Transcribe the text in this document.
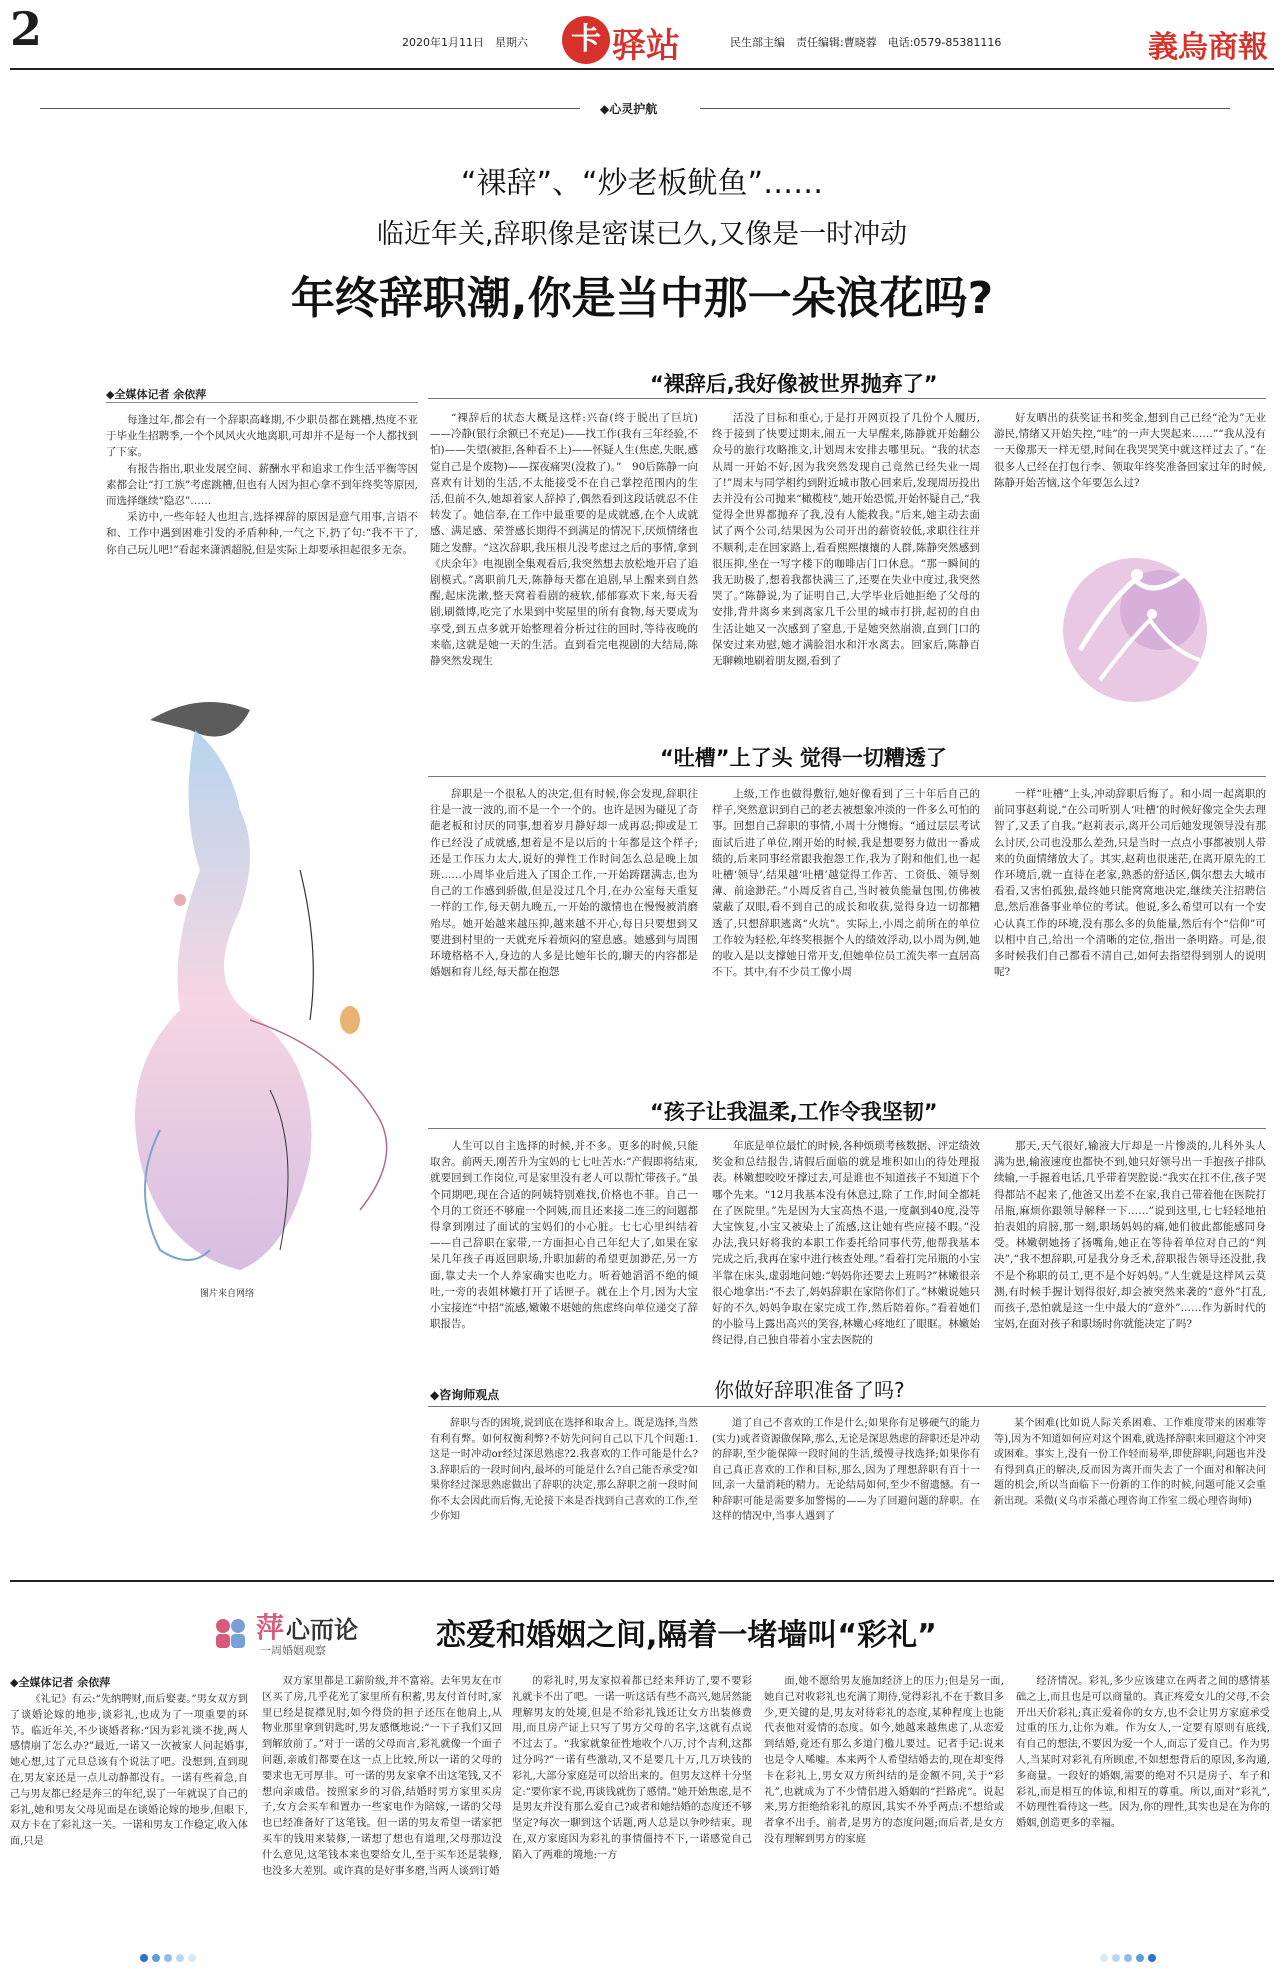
2	2020年1月11日　星期六	卡 驿站	民生部主编　责任编辑:曹晓蓉　电话:0579-85381116	義烏商報
◆心灵护航
“裸辞”、“炒老板鱿鱼”……
临近年关,辞职像是密谋已久,又像是一时冲动
年终辞职潮,你是当中那一朵浪花吗?
◆全媒体记者 余依萍

每逢过年,都会有一个辞职高峰期,不少职员都在跳槽,热度不亚于毕业生招聘季,一个个风风火火地离职,可却并不是每一个人都找到了下家。

有报告指出,职业发展空间、薪酬水平和追求工作生活平衡等因素都会让“打工族”考虑跳槽,但也有人因为担心拿不到年终奖等原因,而选择继续“隐忍”……

采访中,一些年轻人也坦言,选择裸辞的原因是意气用事,言语不和、工作中遇到困难引发的矛盾种种,一气之下,扔了句:“我不干了,你自己玩儿吧!”看起来潇洒超脱,但是实际上却要承担起很多无奈。

图片来自网络
“裸辞后,我好像被世界抛弃了”

“裸辞后的状态大概是这样:兴奋(终于脱出了巨坑)——冷静(银行余额已不充足)——找工作(我有三年经验,不怕)——失望(被拒,各种看不上)——怀疑人生(焦虑,失眠,感觉自己是个废物)——探夜痛哭(没救了)。”　90后陈静一向喜欢有计划的生活,不太能接受不在自己掌控范围内的生活,但前不久,她却着家人辞掉了,偶然看到这段话就忍不住转发了。她信奉,在工作中最重要的是成就感,在个人成就感、满足感、荣誉感长期得不到满足的情况下,厌烦情绪也随之发酵。“这次辞职,我压根儿没考虑过之后的事情,拿到《庆余年》电视剧全集观看后,我突然想去放松地开启了追剧模式。”离职前几天,陈静每天都在追剧,早上醒来到自然醒,起床洗漱,整天窝着看剧的疲软,郁郁寡欢下来,每天看剧,刷微博,吃完了水果到中奖屋里的所有食物,每天要成为享受,到五点多就开始整理着分析过往的回时,等待夜晚的来临,这就是她一天的生活。直到看完电视剧的大结局,陈静突然发现生

活没了目标和重心,于是打开网页投了几份个人履历,终于接到了快要过期末,闹五一大早醒来,陈静就开始翻公众号的旅行攻略推文,计划周末安排去哪里玩。“我的状态从周一开始不好,因为我突然发现自己竟然已经失业一周了!”周末与同学相约到附近城市散心回来后,发现周历投出去并没有公司抛来“橄榄枝”,她开始恐慌,开始怀疑自己,“我觉得全世界都抛弃了我,没有人能救我。”后来,她主动去面试了两个公司,结果因为公司开出的薪资较低,求职往往并不顺利,走在回家路上,看看熙熙攘攘的人群,陈静突然感到很压抑,坐在一写字楼下的咖啡店门口休息。“那一瞬间的我无助极了,想着我都快满三了,还要在失业中度过,我突然哭了。”陈静说,为了证明自己,大学毕业后她拒绝了父母的安排,背井离乡来到离家几千公里的城市打拼,起初的自由生活让她又一次感到了窒息,于是她突然崩溃,直到门口的保安过来劝慰,她才满脸泪水和汗水离去。回家后,陈静百无聊赖地刷着朋友圈,看到了

好友晒出的获奖证书和奖金,想到自己已经“沦为”无业游民,情绪又开始失控,“哇”的一声大哭起来……”“我从没有一天像那天一样无望,时间在我哭哭笑中就这样过去了。”在很多人已经在打包行李、领取年终奖准备回家过年的时候,陈静开始苦恼,这个年要怎么过?

“吐槽”上了头 觉得一切糟透了

辞职是一个很私人的决定,但有时候,你会发现,辞职往往是一波一波的,而不是一个一个的。也许是因为碰见了奇葩老板和讨厌的同事,想着岁月静好却一成再忍;抑或是工作已经没了成就感,想着是不是以后的十年都是这个样子;还是工作压力太大,说好的弹性工作时间怎么总是晚上加班……小周毕业后进入了国企工作,一开始踌躇满志,也为自己的工作感到骄傲,但是没过几个月,在办公室每天重复一样的工作,每天朝九晚五,一开始的激情也在慢慢被消磨殆尽。她开始越来越压抑,越来越不开心,每日只要想到又要进到村里的一天就充斥着烦闷的窒息感。她感到与周围环境格格不入,身边的人多是比她年长的,聊天的内容都是婚姻和育儿经,每天都在抱怨

上级,工作也做得敷衍,她好像看到了三十年后自己的样子,突然意识到自己的老去被想象冲淡的一件多么可怕的事。回想自己辞职的事情,小周十分懊悔。“通过层层考试面试后进了单位,刚开始的时候,我是想要努力做出一番成绩的,后来同事经常跟我抱怨工作,我为了附和他们,也一起吐槽‘领导’,结果越‘吐槽’越觉得工作苦、工资低、领导刻薄、前途渺茫。”小周反省自己,当时被负能量包围,仿佛被蒙蔽了双眼,看不到自己的成长和收获,觉得身边一切都糟透了,只想辞职逃离“火坑”。实际上,小周之前所在的单位工作较为轻松,年终奖根据个人的绩效浮动,以小周为例,她的收入是以支撑她日常开支,但她单位员工流失率一直居高不下。其中,有不少员工像小周

一样“吐槽”上头,冲动辞职后悔了。和小周一起离职的前同事赵莉说,“在公司听别人‘吐槽’的时候好像完全失去理智了,又丢了自我。”赵莉表示,离开公司后她发现领导没有那么讨厌,公司也没那么差劲,只是当时一点点小事都被别人带来的负面情绪放大了。其实,赵莉也很迷茫,在离开原先的工作环境后,就一直待在老家,熟悉的舒适区,偶尔想去大城市看看,又害怕孤独,最终她只能窝窝地决定,继续关注招聘信息,然后准备事业单位的考试。他说,多么希望可以有一个安心认真工作的环境,没有那么多的负能量,然后有个“信仰”可以相中自己,给出一个清晰的定位,指出一条明路。可是,很多时候我们自己都看不清自己,如何去指望得到别人的说明呢?

“孩子让我温柔,工作令我坚韧”

人生可以自主选择的时候,并不多。更多的时候,只能取舍。前两天,刚苦升为宝妈的七七吐苦水:“产假即将结束,就要回到工作岗位,可是家里没有老人可以帮忙带孩子。”虽个同期吧,现在合适的阿姨特别难找,价格也不菲。自己一个月的工资还不够雇一个阿姨,而且还来接二连三的问题都得拿到刚过了面试的宝妈们的小心脏。七七心里纠结着——自己辞职在家带,一方面担心自己年纪大了,如果在家呆几年孩子再返回职场,升职加薪的希望更加渺茫,另一方面,靠丈夫一个人养家确实也吃力。听着她滔滔不绝的倾吐,一旁的表姐林嫩打开了话匣子。就在上个月,因为大宝小宝接连“中招”流感,嫩嫩不堪她的焦虑终向单位递交了辞职报告。

年底是单位最忙的时候,各种烦琐考核数据、评定绩效奖金和总结报告,请假后面临的就是堆积如山的待处理报表。林嫩想咬咬牙撑过去,可是谁也不知道孩子不知道下个哪个先来。“12月我基本没有休息过,除了工作,时间全都耗在了医院里。”先是因为大宝高热不退,一度飙到40度,没等大宝恢复,小宝又被染上了流感,这让她有些应接不暇。”没办法,我只好将我的本职工作委托给同事代劳,他帮我基本完成之后,我再在家中进行核查处理。”看着打完吊瓶的小宝半靠在床头,虚弱地问她:“妈妈你还要去上班吗?”林嫩很亲很心地拿出:“不去了,妈妈辞职在家陪你们了。”林嫩说她只好的不久,妈妈争取在家完成工作,然后陪着你。”看着她们的小脸马上露出高兴的笑容,林嫩心疼地红了眼眶。林嫩始终记得,自己独自带着小宝去医院的

那天,天气很好,输液大厅却是一片惨淡的,儿科外头人满为患,输液速度也都快不到,她只好领号出一手抱孩子排队续输,一手握着电话,几乎带着哭腔说:“我实在扛不住,孩子哭得都站不起来了,他爸又出差不在家,我自己带着他在医院打吊瓶,麻烦你跟领导解释一下……”说到这里,七七轻轻地拍拍表姐的肩膀,那一刻,职场妈妈的痛,她们彼此都能感同身受。林嫩朝她扬了扬嘴角,她正在等待着单位对自己的“判决”,“我不想辞职,可是我分身乏术,辞职报告领导还没批,我不是个称职的员工,更不是个好妈妈。”人生就是这样风云莫测,有时候手握计划得很好,却会被突然来袭的“意外”打乱,而孩子,恐怕就是这一生中最大的“意外”……作为新时代的宝妈,在面对孩子和职场时你就能决定了吗?

◆咨询师观点	你做好辞职准备了吗?

辞职与否的困境,说到底在选择和取舍上。既是选择,当然有利有弊。如何权衡利弊?不妨先问问自己以下几个问题:1.这是一时冲动or经过深思熟虑?2.我喜欢的工作可能是什么?3.辞职后的一段时间内,最坏的可能是什么?自己能否承受?如果你经过深思熟虑做出了辞职的决定,那么辞职之前一段时间你不太会因此而后悔,无论接下来是否找到自己喜欢的工作,至少你知

道了自己不喜欢的工作是什么;如果你有足够硬气的能力(实力)或者资源做保障,那么,无论是深思熟虑的辞职还是冲动的辞职,至少能保障一段时间的生活,缓慢寻找选择;如果你有自己真正喜欢的工作和目标,那么,因为了理想辞职有百十一回,亲一大量消耗的精力。无论结局如何,至少不留遗憾。有一种辞职可能是需要多加警惕的——为了回避问题的辞职。在这样的情况中,当事人遇到了

某个困难(比如说人际关系困难、工作难度带来的困难等等),因为不知道如何应对这个困难,就选择辞职来回避这个冲突或困难。事实上,没有一份工作轻而易举,即使辞职,问题也并没有得到真正的解决,反而因为离开而失去了一个面对和解决问题的机会,所以当面临下一份新的工作的时候,问题可能又会重新出现。采微(义乌市采薇心理咨询工作室二级心理咨询师)

萍 心而论
一周婚姻观察	恋爱和婚姻之间,隔着一堵墙叫“彩礼”
◆全媒体记者 余依萍

《礼记》有云:“先纳聘财,而后娶妻。”男女双方到了谈婚论嫁的地步,谈彩礼,也成为了一项重要的环节。临近年关,不少谈婚者称:“因为彩礼谈不拢,两人感情崩了怎么办?”最近,一诺又一次被家人问起婚事,她心想,过了元旦总该有个说法了吧。没想到,直到现在,男友家还是一点儿动静都没有。一诺有些着急,自己与男友都已经是奔三的年纪,误了一年就误了自己的彩礼,她和男友父母见面是在谈婚论嫁的地步,但眼下,双方卡在了彩礼这一关。一诺和男友工作稳定,收入体面,只是

双方家里都是工薪阶级,并不富裕。去年男友在市区买了房,几乎花光了家里所有积蓄,男友付首付时,家里已经是捉襟见肘,如今得贷的担子还压在他肩上,从物业那里拿到钥匙时,男友感慨地说:“一下子我们又回到解放前了。”对于一诺的父母而言,彩礼就像一个面子问题,亲戚们都要在这一点上比较,所以一诺的父母的要求也无可厚非。可一诺的男友家拿不出这笔钱,又不想向亲戚借。按照家乡的习俗,结婚时男方家里买房子,女方会买车和置办一些家电作为陪嫁,一诺的父母也已经准备好了这笔钱。但一诺的男友希望一诺家把买车的钱用来装修,一诺想了想也有道理,父母那边没什么意见,这笔钱本来也要给女儿,至于买车还是装修,也没多大差别。或许真的是好事多磨,当两人谈到订婚

的彩礼时,男友家拟着都已经来拜访了,要不要彩礼就卡不出了吧。一诺一听这话有些不高兴,她居然能理解男友的处境,但是不给彩礼钱还让女方出装修费用,而且房产证上只写了男方父母的名字,这就有点说不过去了。“我家就象征性地收个八万,讨个吉利,这都过分吗?”一诺有些激动,又不是要几十万,几万块钱的彩礼,大部分家庭是可以给出来的。但男友这样十分坚定:“要你家不说,再谈钱就伤了感情。”她开始焦虑,是不是男友并没有那么爱自己?或者和她结婚的态度还不够坚定?每次一聊到这个话题,两人总是以争吵结束。现在,双方家庭因为彩礼的事情僵持不下,一诺感觉自己陷入了两难的境地:一方

面,她不愿给男友施加经济上的压力;但是另一面,她自己对收彩礼也充满了期待,觉得彩礼不在于数目多少,更关键的是,男友对待彩礼的态度,某种程度上也能代表他对爱情的态度。如今,她越来越焦虑了,从恋爱到结婚,竟还有那么多道门槛儿要过。记者手记:说来也是令人唏嘘。本来两个人希望结婚去的,现在却变得卡在彩礼上,男女双方所纠结的是金额不同,关于“彩礼”,也就成为了不少情侣进入婚姻的“拦路虎”。说起来,男方拒绝给彩礼的原因,其实不外乎两点:不想给或者拿不出手。前者,是男方的态度问题;而后者,是女方没有理解到男方的家庭

经济情况。彩礼,多少应该建立在两者之间的感情基础之上,而且也是可以商量的。真正疼爱女儿的父母,不会开出天价彩礼;真正爱着你的女方,也不会让男方家庭承受过重的压力,让你为难。作为女人,一定要有原则有底线,有自己的想法,不要因为爱一个人,而忘了爱自己。作为男人,当某时对彩礼有所顾虑,不如想想背后的原因,多沟通,多商量。一段好的婚姻,需要的绝对不只是房子、车子和彩礼,而是相互的体谅,和相互的尊重。所以,面对“彩礼”,不妨理性看待这一些。因为,你的理性,其实也是在为你的婚姻,创造更多的幸福。
